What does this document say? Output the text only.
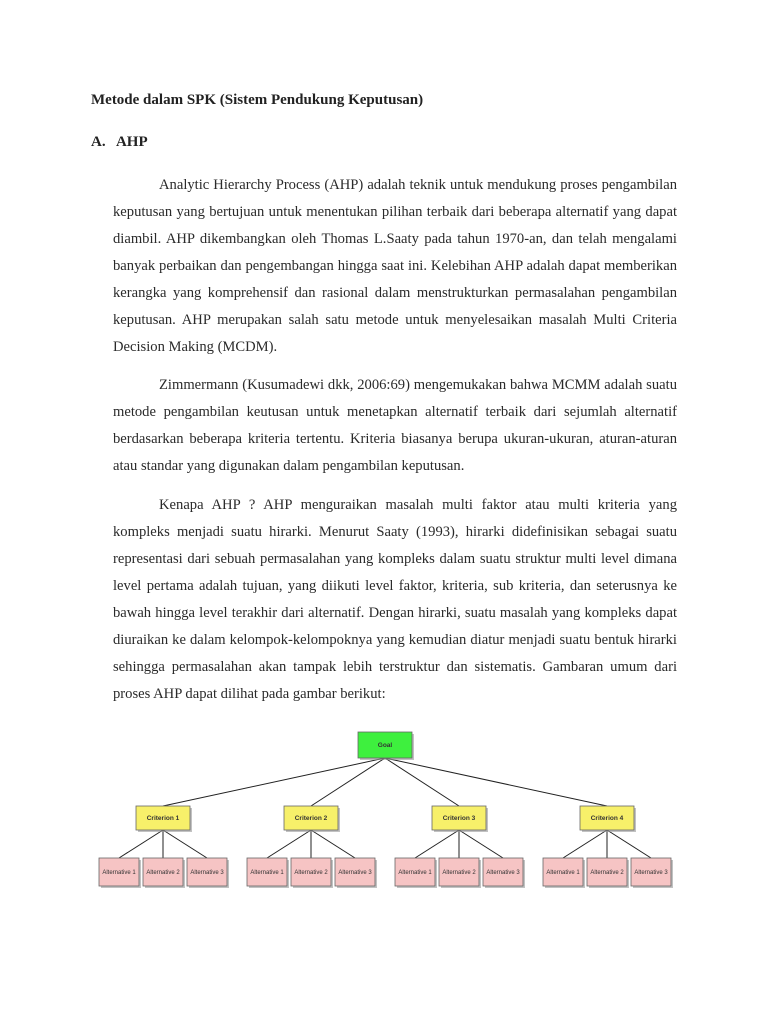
Metode dalam SPK (Sistem Pendukung Keputusan)
A. AHP

Analytic Hierarchy Process (AHP) adalah teknik untuk mendukung proses pengambilan keputusan yang bertujuan untuk menentukan pilihan terbaik dari beberapa alternatif yang dapat diambil. AHP dikembangkan oleh Thomas L.Saaty pada tahun 1970-an, dan telah mengalami banyak perbaikan dan pengembangan hingga saat ini. Kelebihan AHP adalah dapat memberikan kerangka yang komprehensif dan rasional dalam menstrukturkan permasalahan pengambilan keputusan. AHP merupakan salah satu metode untuk menyelesaikan masalah Multi Criteria Decision Making (MCDM).

Zimmermann (Kusumadewi dkk, 2006:69) mengemukakan bahwa MCMM adalah suatu metode pengambilan keutusan untuk menetapkan alternatif terbaik dari sejumlah alternatif berdasarkan beberapa kriteria tertentu. Kriteria biasanya berupa ukuran-ukuran, aturan-aturan atau standar yang digunakan dalam pengambilan keputusan.

Kenapa AHP ? AHP menguraikan masalah multi faktor atau multi kriteria yang kompleks menjadi suatu hirarki. Menurut Saaty (1993), hirarki didefinisikan sebagai suatu representasi dari sebuah permasalahan yang kompleks dalam suatu struktur multi level dimana level pertama adalah tujuan, yang diikuti level faktor, kriteria, sub kriteria, dan seterusnya ke bawah hingga level terakhir dari alternatif. Dengan hirarki, suatu masalah yang kompleks dapat diuraikan ke dalam kelompok-kelompoknya yang kemudian diatur menjadi suatu bentuk hirarki sehingga permasalahan akan tampak lebih terstruktur dan sistematis. Gambaran umum dari proses AHP dapat dilihat pada gambar berikut:

Goal
Criterion 1
Alternative 1 Alternative 2 Alternative 3
Criterion 2
Alternative 1 Alternative 2 Alternative 3
Criterion 3
Alternative 1 Alternative 2 Alternative 3
Criterion 4
Alternative 1 Alternative 2 Alternative 3
